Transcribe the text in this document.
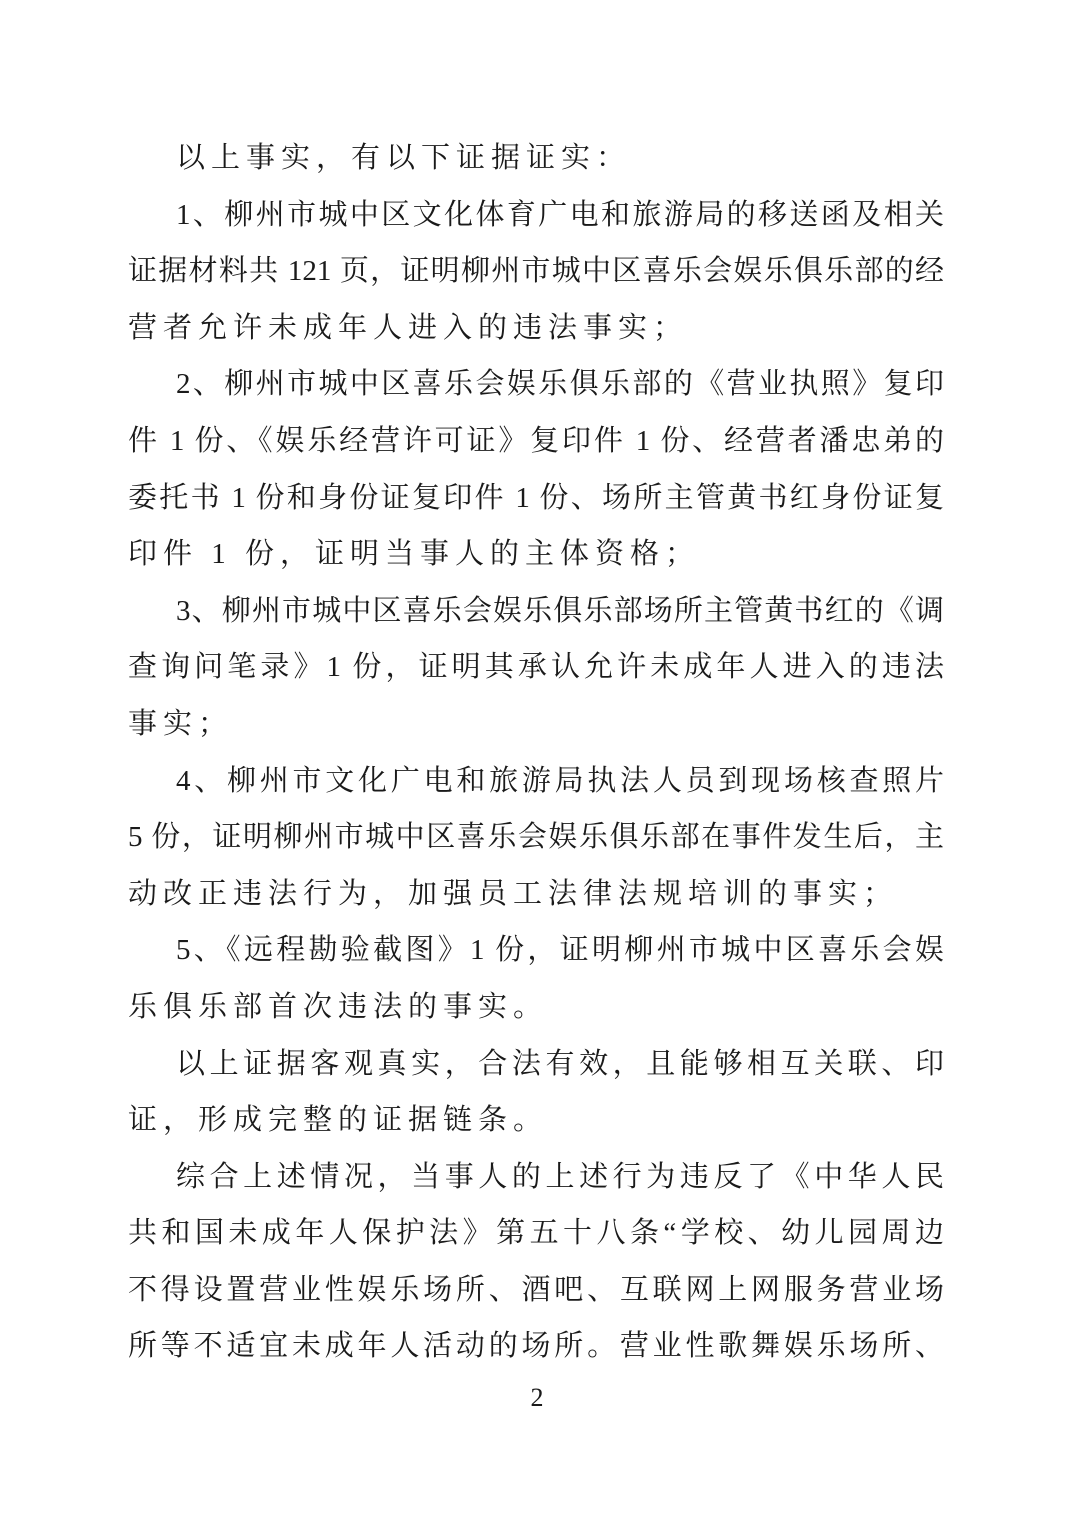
以上事实，有以下证据证实：
1、柳州市城中区文化体育广电和旅游局的移送函及相关
证据材料共 121 页，证明柳州市城中区喜乐会娱乐俱乐部的经
营者允许未成年人进入的违法事实；
2、柳州市城中区喜乐会娱乐俱乐部的《营业执照》复印
件 1 份、《娱乐经营许可证》复印件 1 份、经营者潘忠弟的
委托书 1 份和身份证复印件 1 份、场所主管黄书红身份证复
印件 1 份，证明当事人的主体资格；
3、柳州市城中区喜乐会娱乐俱乐部场所主管黄书红的《调
查询问笔录》1 份，证明其承认允许未成年人进入的违法
事实；
4、柳州市文化广电和旅游局执法人员到现场核查照片
5 份，证明柳州市城中区喜乐会娱乐俱乐部在事件发生后，主
动改正违法行为，加强员工法律法规培训的事实；
5、《远程勘验截图》1 份，证明柳州市城中区喜乐会娱
乐俱乐部首次违法的事实。
以上证据客观真实，合法有效，且能够相互关联、印
证，形成完整的证据链条。
综合上述情况，当事人的上述行为违反了《中华人民
共和国未成年人保护法》第五十八条“学校、幼儿园周边
不得设置营业性娱乐场所、酒吧、互联网上网服务营业场
所等不适宜未成年人活动的场所。营业性歌舞娱乐场所、
2
